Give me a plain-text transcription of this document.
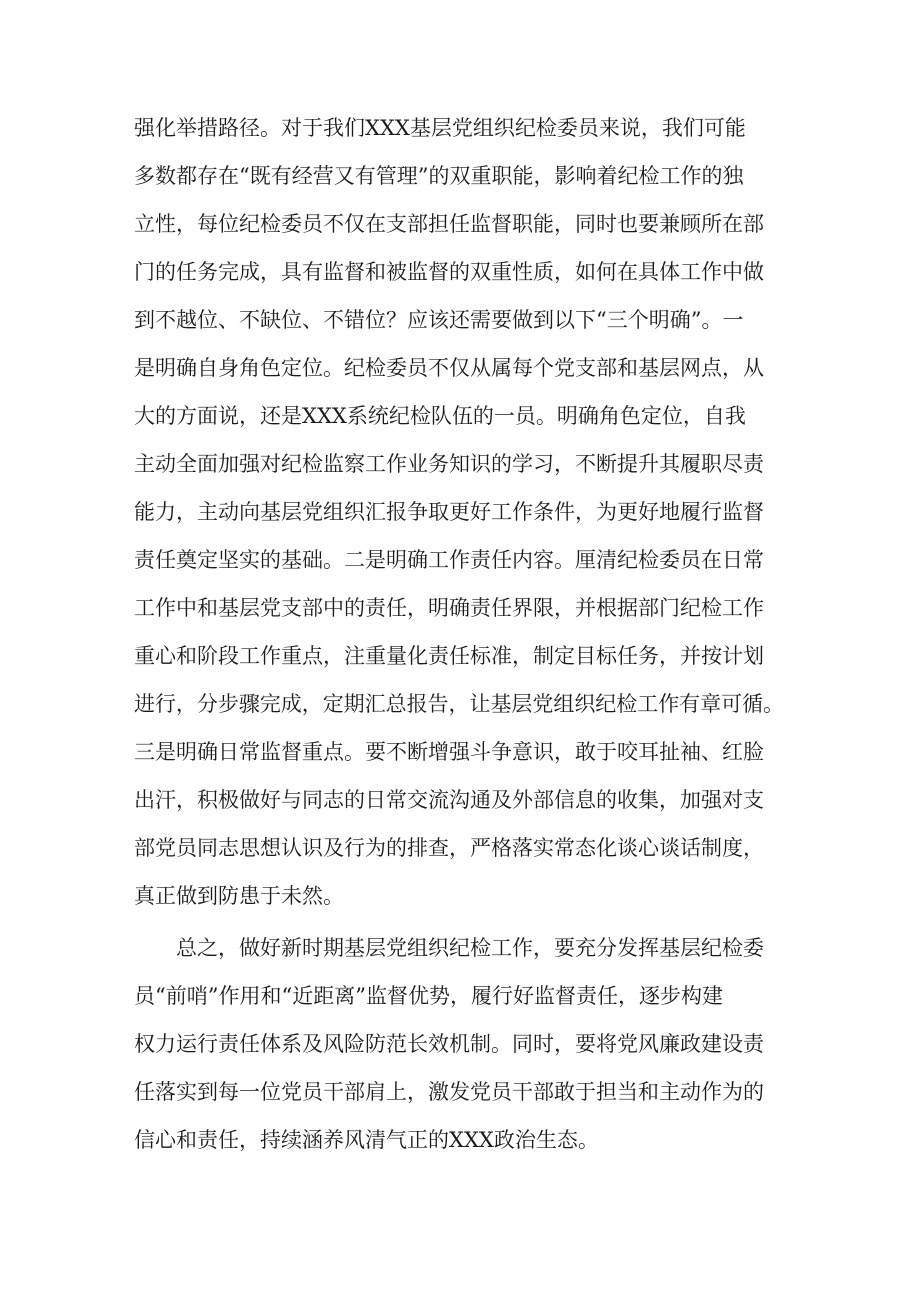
强化举措路径。对于我们XXX基层党组织纪检委员来说，我们可能

多数都存在“既有经营又有管理”的双重职能，影响着纪检工作的独

立性，每位纪检委员不仅在支部担任监督职能，同时也要兼顾所在部

门的任务完成，具有监督和被监督的双重性质，如何在具体工作中做

到不越位、不缺位、不错位？应该还需要做到以下“三个明确”。一

是明确自身角色定位。纪检委员不仅从属每个党支部和基层网点，从

大的方面说，还是XXX系统纪检队伍的一员。明确角色定位，自我

主动全面加强对纪检监察工作业务知识的学习，不断提升其履职尽责

能力，主动向基层党组织汇报争取更好工作条件，为更好地履行监督

责任奠定坚实的基础。二是明确工作责任内容。厘清纪检委员在日常

工作中和基层党支部中的责任，明确责任界限，并根据部门纪检工作

重心和阶段工作重点，注重量化责任标准，制定目标任务，并按计划

进行，分步骤完成，定期汇总报告，让基层党组织纪检工作有章可循。

三是明确日常监督重点。要不断增强斗争意识，敢于咬耳扯袖、红脸

出汗，积极做好与同志的日常交流沟通及外部信息的收集，加强对支

部党员同志思想认识及行为的排查，严格落实常态化谈心谈话制度，

真正做到防患于未然。

总之，做好新时期基层党组织纪检工作，要充分发挥基层纪检委

员“前哨”作用和“近距离”监督优势，履行好监督责任，逐步构建

权力运行责任体系及风险防范长效机制。同时，要将党风廉政建设责

任落实到每一位党员干部肩上，激发党员干部敢于担当和主动作为的

信心和责任，持续涵养风清气正的XXX政治生态。
